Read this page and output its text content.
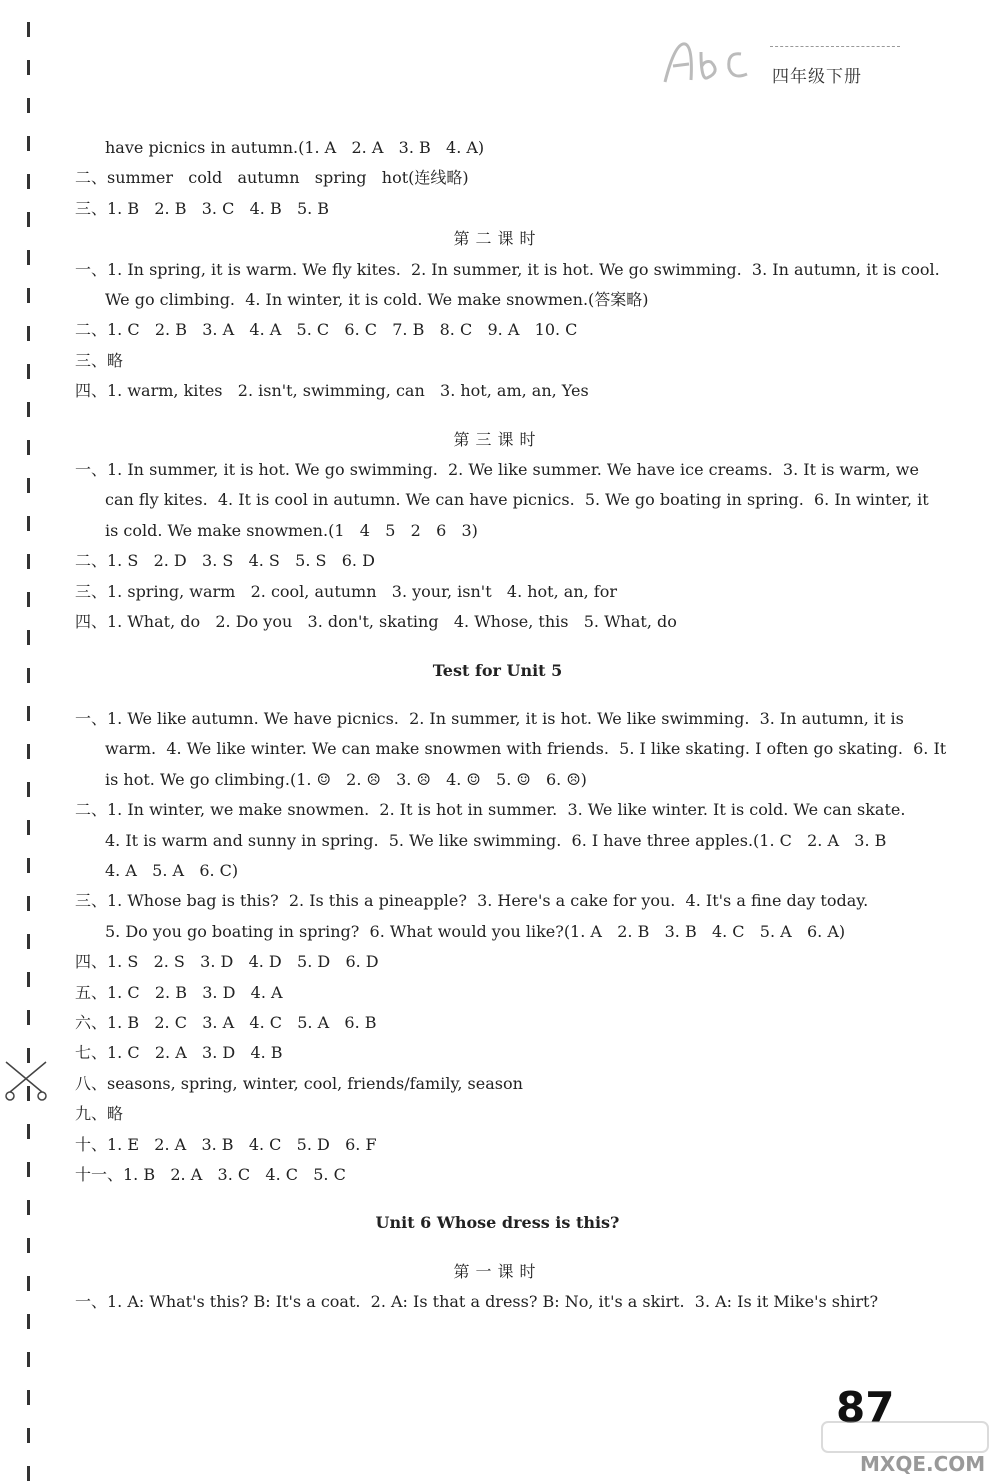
四年级下册
have picnics in autumn.(1. A   2. A   3. B   4. A)
二、summer   cold   autumn   spring   hot(连线略)
三、1. B   2. B   3. C   4. B   5. B
第二课时
一、1. In spring, it is warm. We fly kites.  2. In summer, it is hot. We go swimming.  3. In autumn, it is cool.
We go climbing.  4. In winter, it is cold. We make snowmen.(答案略)
二、1. C   2. B   3. A   4. A   5. C   6. C   7. B   8. C   9. A   10. C
三、略
四、1. warm, kites   2. isn't, swimming, can   3. hot, am, an, Yes
第三课时
一、1. In summer, it is hot. We go swimming.  2. We like summer. We have ice creams.  3. It is warm, we
can fly kites.  4. It is cool in autumn. We can have picnics.  5. We go boating in spring.  6. In winter, it
is cold. We make snowmen.(1   4   5   2   6   3)
二、1. S   2. D   3. S   4. S   5. S   6. D
三、1. spring, warm   2. cool, autumn   3. your, isn't   4. hot, an, for
四、1. What, do   2. Do you   3. don't, skating   4. Whose, this   5. What, do
Test for Unit 5
一、1. We like autumn. We have picnics.  2. In summer, it is hot. We like swimming.  3. In autumn, it is
warm.  4. We like winter. We can make snowmen with friends.  5. I like skating. I often go skating.  6. It
is hot. We go climbing.(1. ☺   2. ☹   3. ☹   4. ☺   5. ☺   6. ☹)
二、1. In winter, we make snowmen.  2. It is hot in summer.  3. We like winter. It is cold. We can skate.
4. It is warm and sunny in spring.  5. We like swimming.  6. I have three apples.(1. C   2. A   3. B
4. A   5. A   6. C)
三、1. Whose bag is this?  2. Is this a pineapple?  3. Here's a cake for you.  4. It's a fine day today.
5. Do you go boating in spring?  6. What would you like?(1. A   2. B   3. B   4. C   5. A   6. A)
四、1. S   2. S   3. D   4. D   5. D   6. D
五、1. C   2. B   3. D   4. A
六、1. B   2. C   3. A   4. C   5. A   6. B
七、1. C   2. A   3. D   4. B
八、seasons, spring, winter, cool, friends/family, season
九、略
十、1. E   2. A   3. B   4. C   5. D   6. F
十一、1. B   2. A   3. C   4. C   5. C
Unit 6 Whose dress is this?
第一课时
一、1. A: What's this? B: It's a coat.  2. A: Is that a dress? B: No, it's a skirt.  3. A: Is it Mike's shirt?
87
MXQE.COM
